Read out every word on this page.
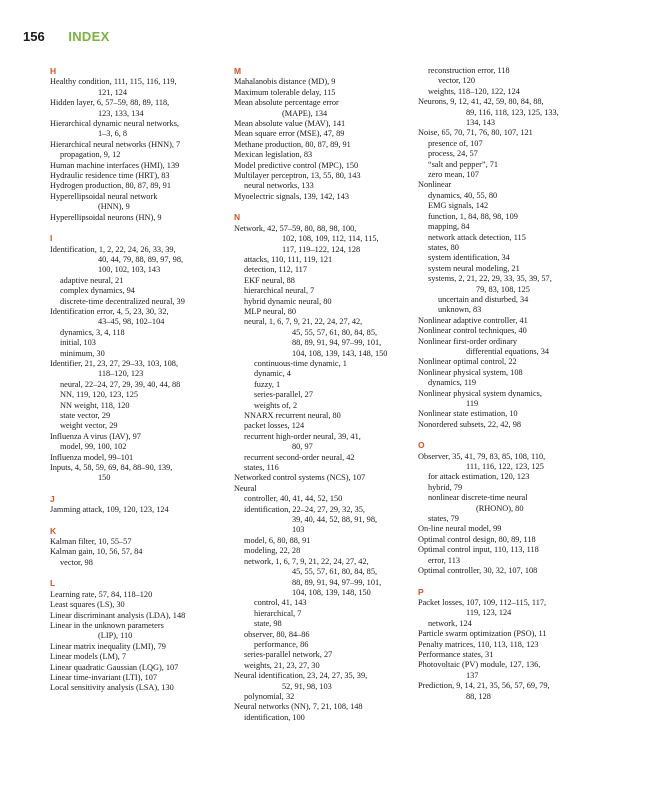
156 INDEX
H
Healthy condition, 111, 115, 116, 119,
121, 124
Hidden layer, 6, 57–59, 88, 89, 118,
123, 133, 134
Hierarchical dynamic neural networks,
1–3, 6, 8
Hierarchical neural networks (HNN), 7
propagation, 9, 12
Human machine interfaces (HMI), 139
Hydraulic residence time (HRT), 83
Hydrogen production, 80, 87, 89, 91
Hyperellipsoidal neural network
(HNN), 9
Hyperellipsoidal neurons (HN), 9
I
Identification, 1, 2, 22, 24, 26, 33, 39,
40, 44, 79, 88, 89, 97, 98,
100, 102, 103, 143
adaptive neural, 21
complex dynamics, 94
discrete-time decentralized neural, 39
Identification error, 4, 5, 23, 30, 32,
43–45, 98, 102–104
dynamics, 3, 4, 118
initial, 103
minimum, 30
Identifier, 21, 23, 27, 29–33, 103, 108,
118–120, 123
neural, 22–24, 27, 29, 39, 40, 44, 88
NN, 119, 120, 123, 125
NN weight, 118, 120
state vector, 29
weight vector, 29
Influenza A virus (IAV), 97
model, 99, 100, 102
Influenza model, 99–101
Inputs, 4, 58, 59, 69, 84, 88–90, 139,
150
J
Jamming attack, 109, 120, 123, 124
K
Kalman filter, 10, 55–57
Kalman gain, 10, 56, 57, 84
vector, 98
L
Learning rate, 57, 84, 118–120
Least squares (LS), 30
Linear discriminant analysis (LDA), 148
Linear in the unknown parameters
(LIP), 110
Linear matrix inequality (LMI), 79
Linear models (LM), 7
Linear quadratic Gaussian (LQG), 107
Linear time-invariant (LTI), 107
Local sensitivity analysis (LSA), 130
M
Mahalanobis distance (MD), 9
Maximum tolerable delay, 115
Mean absolute percentage error
(MAPE), 134
Mean absolute value (MAV), 141
Mean square error (MSE), 47, 89
Methane production, 80, 87, 89, 91
Mexican legislation, 83
Model predictive control (MPC), 150
Multilayer perceptron, 13, 55, 80, 143
neural networks, 133
Myoelectric signals, 139, 142, 143
N
Network, 42, 57–59, 80, 88, 98, 100,
102, 108, 109, 112, 114, 115,
117, 119–122, 124, 128
attacks, 110, 111, 119, 121
detection, 112, 117
EKF neural, 88
hierarchical neural, 7
hybrid dynamic neural, 80
MLP neural, 80
neural, 1, 6, 7, 9, 21, 22, 24, 27, 42,
45, 55, 57, 61, 80, 84, 85,
88, 89, 91, 94, 97–99, 101,
104, 108, 139, 143, 148, 150
continuous-time dynamic, 1
dynamic, 4
fuzzy, 1
series-parallel, 27
weights of, 2
NNARX recurrent neural, 80
packet losses, 124
recurrent high-order neural, 39, 41,
80, 97
recurrent second-order neural, 42
states, 116
Networked control systems (NCS), 107
Neural
controller, 40, 41, 44, 52, 150
identification, 22–24, 27, 29, 32, 35,
39, 40, 44, 52, 88, 91, 98,
103
model, 6, 80, 88, 91
modeling, 22, 28
network, 1, 6, 7, 9, 21, 22, 24, 27, 42,
45, 55, 57, 61, 80, 84, 85,
88, 89, 91, 94, 97–99, 101,
104, 108, 139, 148, 150
control, 41, 143
hierarchical, 7
state, 98
observer, 80, 84–86
performance, 86
series-parallel network, 27
weights, 21, 23, 27, 30
Neural identification, 23, 24, 27, 35, 39,
52, 91, 98, 103
polynomial, 32
Neural networks (NN), 7, 21, 108, 148
identification, 100
reconstruction error, 118
vector, 120
weights, 118–120, 122, 124
Neurons, 9, 12, 41, 42, 59, 80, 84, 88,
89, 116, 118, 123, 125, 133,
134, 143
Noise, 65, 70, 71, 76, 80, 107, 121
presence of, 107
process, 24, 57
“salt and pepper”, 71
zero mean, 107
Nonlinear
dynamics, 40, 55, 80
EMG signals, 142
function, 1, 84, 88, 98, 109
mapping, 84
network attack detection, 115
states, 80
system identification, 34
system neural modeling, 21
systems, 2, 21, 22, 29, 33, 35, 39, 57,
79, 83, 108, 125
uncertain and disturbed, 34
unknown, 83
Nonlinear adaptive controller, 41
Nonlinear control techniques, 40
Nonlinear first-order ordinary
differential equations, 34
Nonlinear optimal control, 22
Nonlinear physical system, 108
dynamics, 119
Nonlinear physical system dynamics,
119
Nonlinear state estimation, 10
Nonordered subsets, 22, 42, 98
O
Observer, 35, 41, 79, 83, 85, 108, 110,
111, 116, 122, 123, 125
for attack estimation, 120, 123
hybrid, 79
nonlinear discrete-time neural
(RHONO), 80
states, 79
On-line neural model, 99
Optimal control design, 80, 89, 118
Optimal control input, 110, 113, 118
error, 113
Optimal controller, 30, 32, 107, 108
P
Packet losses, 107, 109, 112–115, 117,
119, 123, 124
network, 124
Particle swarm optimization (PSO), 11
Penalty matrices, 110, 113, 118, 123
Performance states, 31
Photovoltaic (PV) module, 127, 136,
137
Prediction, 9, 14, 21, 35, 56, 57, 69, 79,
88, 128
